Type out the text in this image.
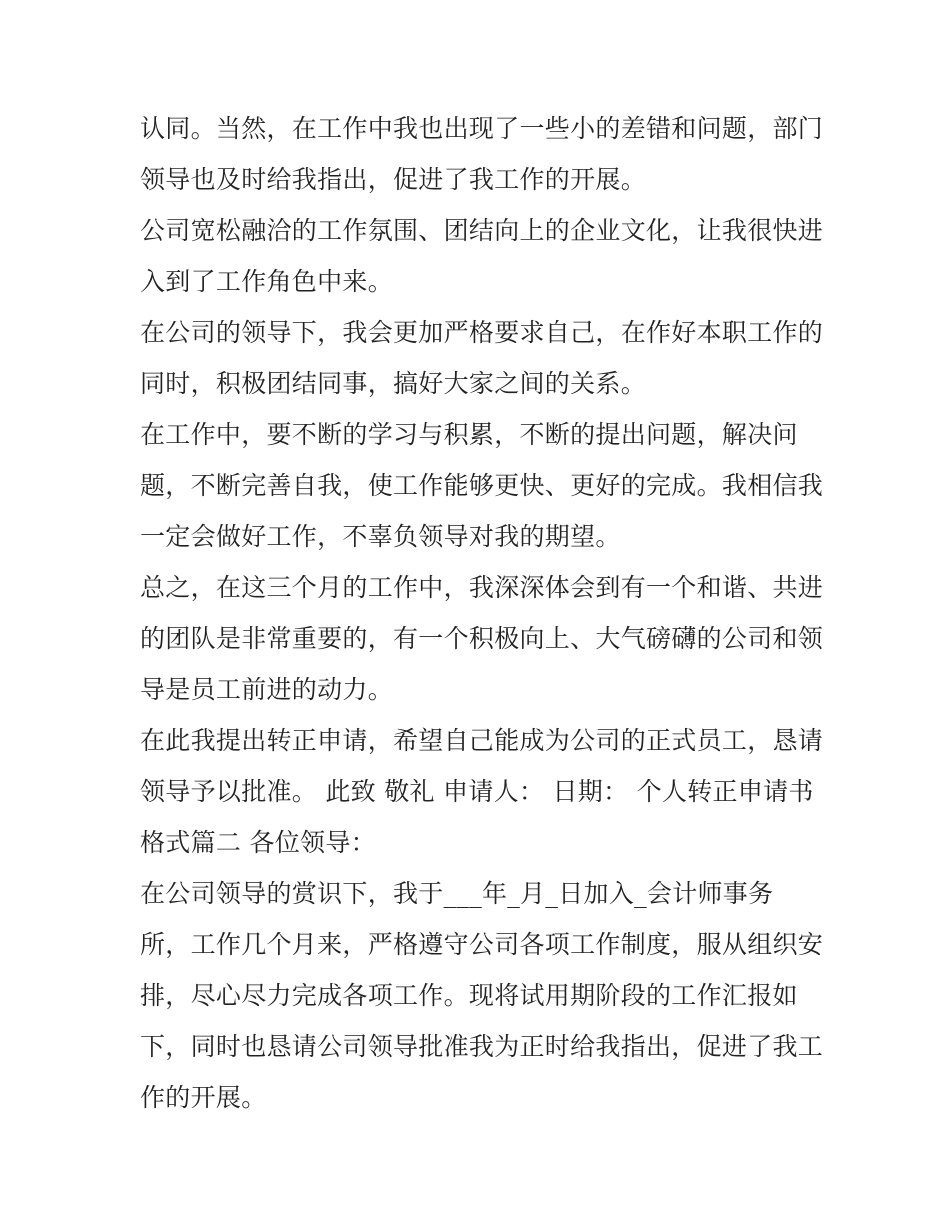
认同。当然，在工作中我也出现了一些小的差错和问题，部门
领导也及时给我指出，促进了我工作的开展。
公司宽松融洽的工作氛围、团结向上的企业文化，让我很快进
入到了工作角色中来。
在公司的领导下，我会更加严格要求自己，在作好本职工作的
同时，积极团结同事，搞好大家之间的关系。
在工作中，要不断的学习与积累，不断的提出问题，解决问
题，不断完善自我，使工作能够更快、更好的完成。我相信我
一定会做好工作，不辜负领导对我的期望。
总之，在这三个月的工作中，我深深体会到有一个和谐、共进
的团队是非常重要的，有一个积极向上、大气磅礴的公司和领
导是员工前进的动力。
在此我提出转正申请，希望自己能成为公司的正式员工，恳请
领导予以批准。 此致 敬礼 申请人： 日期： 个人转正申请书
格式篇二 各位领导：
在公司领导的赏识下，我于___年_月_日加入_会计师事务
所，工作几个月来，严格遵守公司各项工作制度，服从组织安
排，尽心尽力完成各项工作。现将试用期阶段的工作汇报如
下，同时也恳请公司领导批准我为正时给我指出，促进了我工
作的开展。
